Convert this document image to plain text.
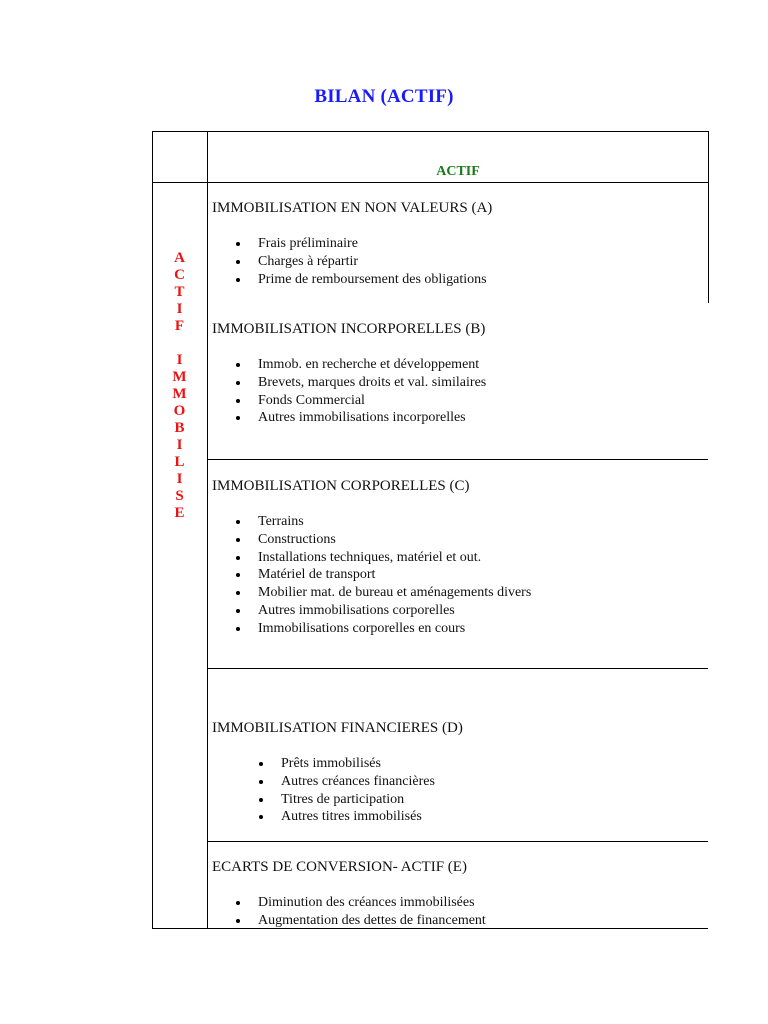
BILAN (ACTIF)
ACTIF
A
C
T
I
F
I
M
M
O
B
I
L
I
S
E
IMMOBILISATION EN NON VALEURS (A)
Frais préliminaire
Charges à répartir
Prime de remboursement des obligations
IMMOBILISATION INCORPORELLES (B)
Immob. en recherche et développement
Brevets, marques droits et val. similaires
Fonds Commercial
Autres immobilisations incorporelles
IMMOBILISATION CORPORELLES (C)
Terrains
Constructions
Installations techniques, matériel et out.
Matériel de transport
Mobilier mat. de bureau et aménagements divers
Autres immobilisations corporelles
Immobilisations corporelles en cours
IMMOBILISATION FINANCIERES (D)
Prêts immobilisés
Autres créances financières
Titres de participation
Autres titres immobilisés
ECARTS DE CONVERSION- ACTIF (E)
Diminution des créances immobilisées
Augmentation des dettes de financement
